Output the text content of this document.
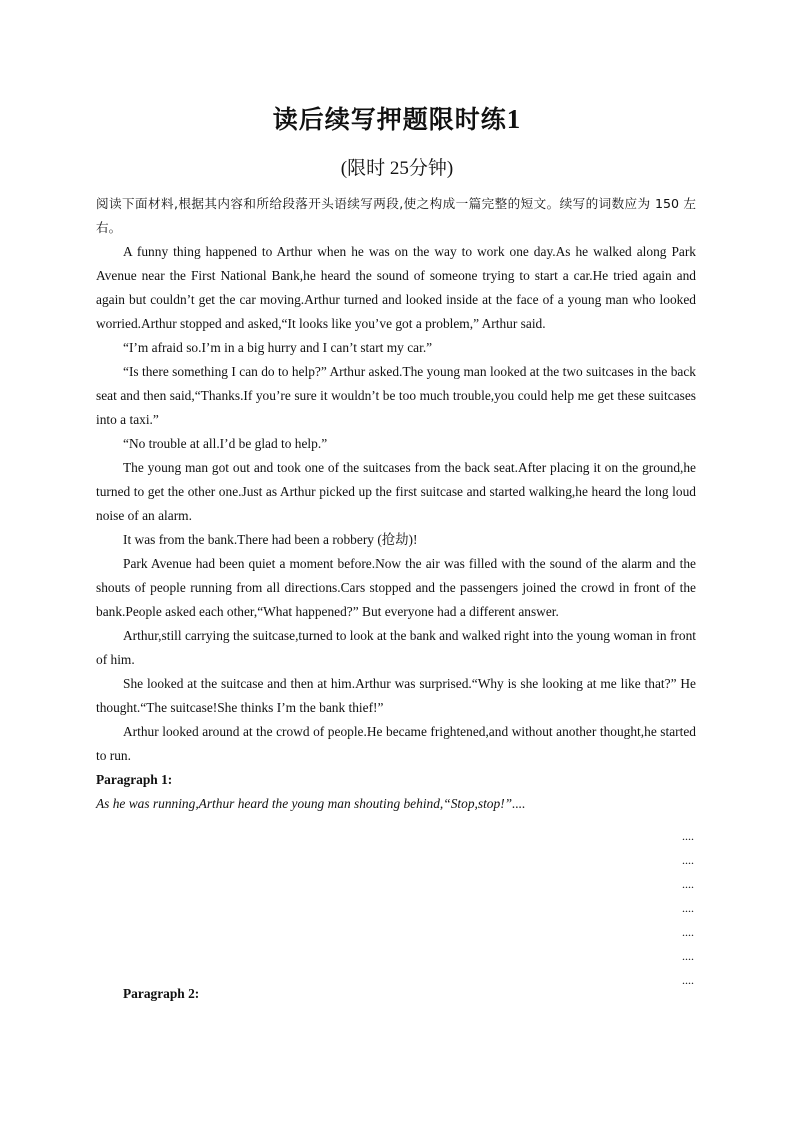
读后续写押题限时练1
(限时 25分钟)

阅读下面材料,根据其内容和所给段落开头语续写两段,使之构成一篇完整的短文。续写的词数应为 150 左右。

A funny thing happened to Arthur when he was on the way to work one day.As he walked along Park Avenue near the First National Bank,he heard the sound of someone trying to start a car.He tried again and again but couldn’t get the car moving.Arthur turned and looked inside at the face of a young man who looked worried.Arthur stopped and asked,“It looks like you’ve got a problem,” Arthur said.

“I’m afraid so.I’m in a big hurry and I can’t start my car.”

“Is there something I can do to help?” Arthur asked.The young man looked at the two suitcases in the back seat and then said,“Thanks.If you’re sure it wouldn’t be too much trouble,you could help me get these suitcases into a taxi.”

“No trouble at all.I’d be glad to help.”

The young man got out and took one of the suitcases from the back seat.After placing it on the ground,he turned to get the other one.Just as Arthur picked up the first suitcase and started walking,he heard the long loud noise of an alarm.

It was from the bank.There had been a robbery (抢劫)!

Park Avenue had been quiet a moment before.Now the air was filled with the sound of the alarm and the shouts of people running from all directions.Cars stopped and the passengers joined the crowd in front of the bank.People asked each other,“What happened?” But everyone had a different answer.

Arthur,still carrying the suitcase,turned to look at the bank and walked right into the young woman in front of him.

She looked at the suitcase and then at him.Arthur was surprised.“Why is she looking at me like that?” He thought.“The suitcase!She thinks I’m the bank thief!”

Arthur looked around at the crowd of people.He became frightened,and without another thought,he started to run.

Paragraph 1:

As he was running,Arthur heard the young man shouting behind,“Stop,stop!”....

....
....
....
....
....
....
....
Paragraph 2:
